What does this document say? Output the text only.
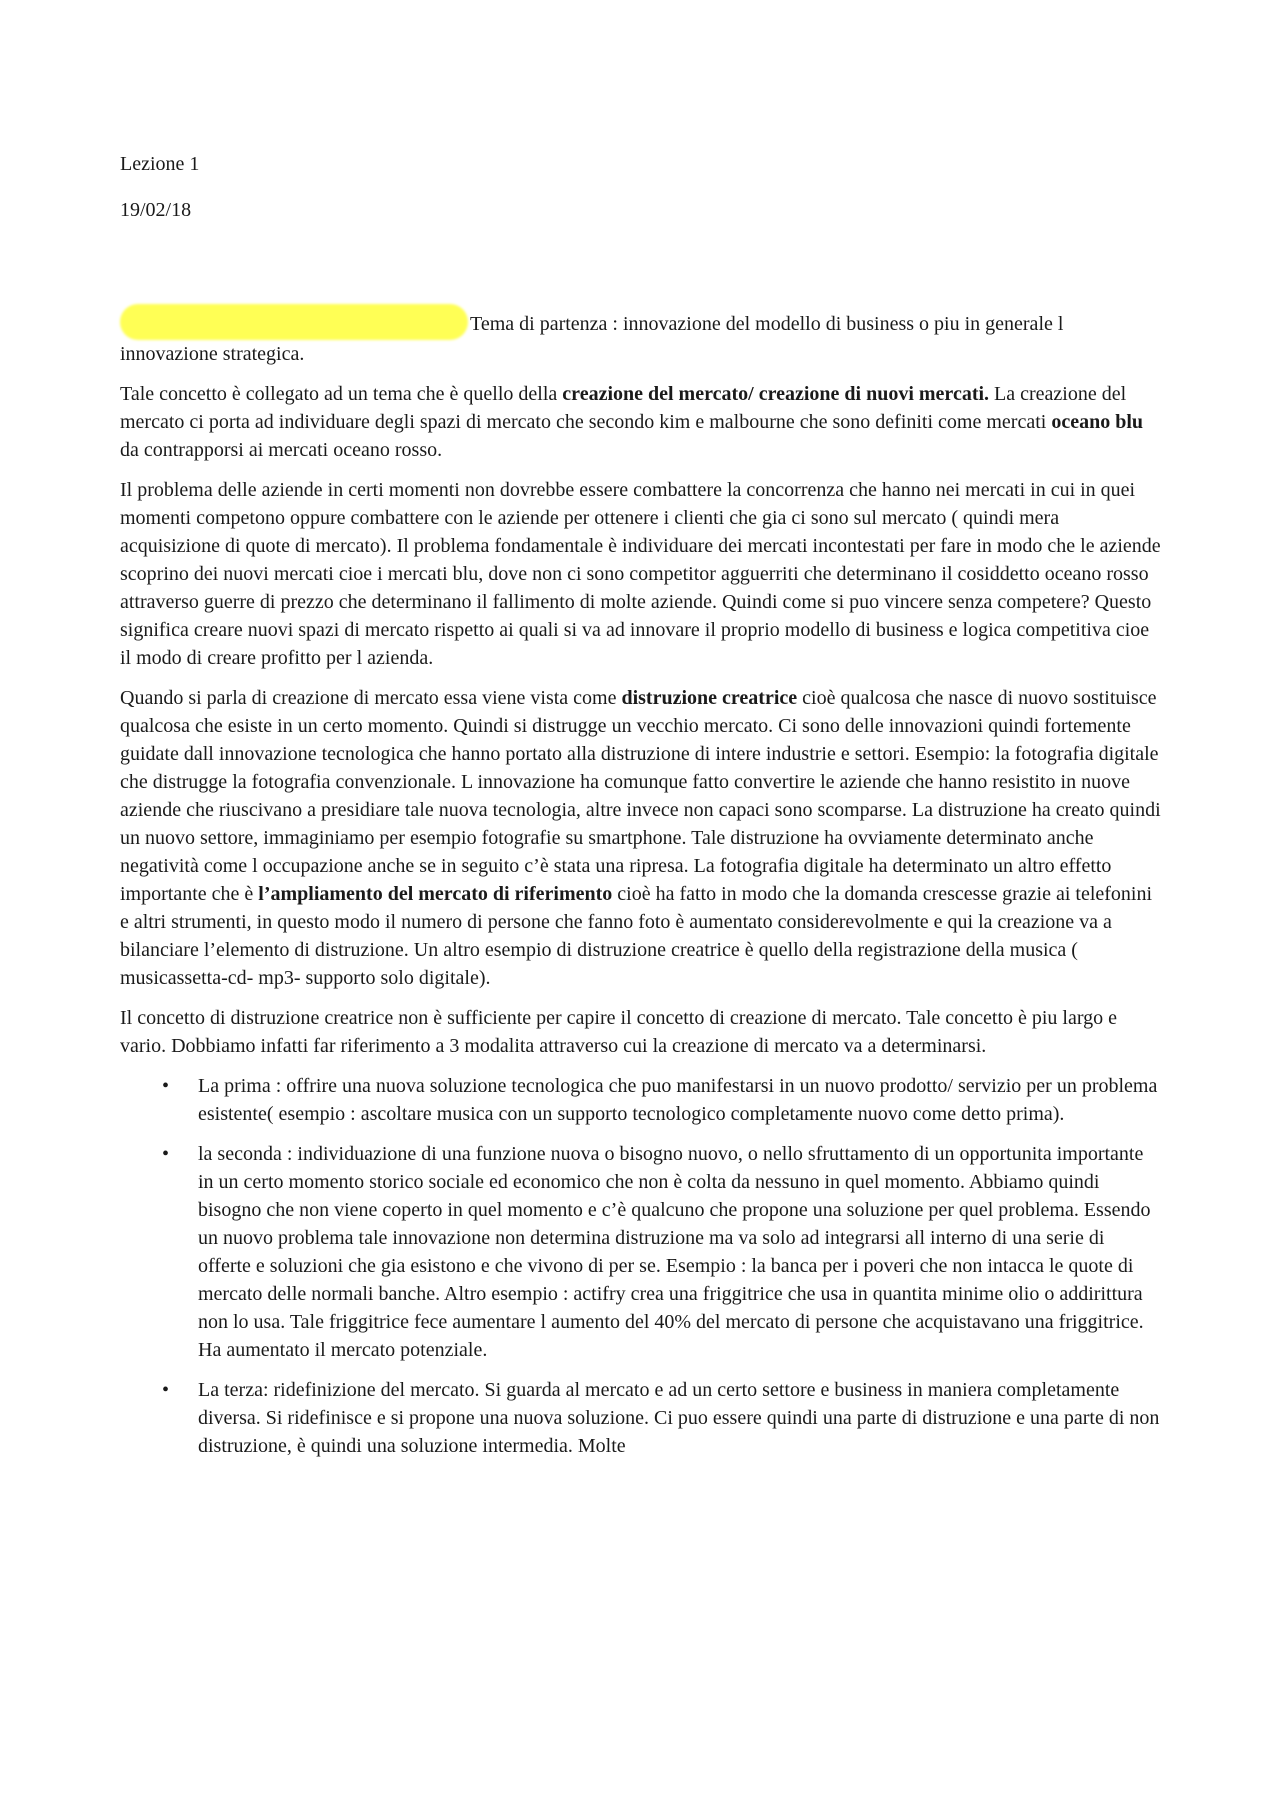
Lezione 1
19/02/18

Tema di partenza : innovazione del modello di business o piu in generale l innovazione strategica.

Tale concetto è collegato ad un tema che è quello della creazione del mercato/ creazione di nuovi mercati. La creazione del mercato ci porta ad individuare degli spazi di mercato che secondo kim e malbourne che sono definiti come mercati oceano blu da contrapporsi ai mercati oceano rosso.

Il problema delle aziende in certi momenti non dovrebbe essere combattere la concorrenza che hanno nei mercati in cui in quei momenti competono oppure combattere con le aziende per ottenere i clienti che gia ci sono sul mercato ( quindi mera acquisizione di quote di mercato). Il problema fondamentale è individuare dei mercati incontestati per fare in modo che le aziende scoprino dei nuovi mercati cioe i mercati blu, dove non ci sono competitor agguerriti che determinano il cosiddetto oceano rosso attraverso guerre di prezzo che determinano il fallimento di molte aziende. Quindi come si puo vincere senza competere? Questo significa creare nuovi spazi di mercato rispetto ai quali si va ad innovare il proprio modello di business e logica competitiva cioe il modo di creare profitto per l azienda.

Quando si parla di creazione di mercato essa viene vista come distruzione creatrice cioè qualcosa che nasce di nuovo sostituisce qualcosa che esiste in un certo momento. Quindi si distrugge un vecchio mercato. Ci sono delle innovazioni quindi fortemente guidate dall innovazione tecnologica che hanno portato alla distruzione di intere industrie e settori. Esempio: la fotografia digitale che distrugge la fotografia convenzionale. L innovazione ha comunque fatto convertire le aziende che hanno resistito in nuove aziende che riuscivano a presidiare tale nuova tecnologia, altre invece non capaci sono scomparse. La distruzione ha creato quindi un nuovo settore, immaginiamo per esempio fotografie su smartphone. Tale distruzione ha ovviamente determinato anche negatività come l occupazione anche se in seguito c’è stata una ripresa. La fotografia digitale ha determinato un altro effetto importante che è l’ampliamento del mercato di riferimento cioè ha fatto in modo che la domanda crescesse grazie ai telefonini e altri strumenti, in questo modo il numero di persone che fanno foto è aumentato considerevolmente e qui la creazione va a bilanciare l’elemento di distruzione. Un altro esempio di distruzione creatrice è quello della registrazione della musica ( musicassetta-cd- mp3- supporto solo digitale).

Il concetto di distruzione creatrice non è sufficiente per capire il concetto di creazione di mercato. Tale concetto è piu largo e vario. Dobbiamo infatti far riferimento a 3 modalita attraverso cui la creazione di mercato va a determinarsi.

• La prima : offrire una nuova soluzione tecnologica che puo manifestarsi in un nuovo prodotto/ servizio per un problema esistente( esempio : ascoltare musica con un supporto tecnologico completamente nuovo come detto prima).
• la seconda : individuazione di una funzione nuova o bisogno nuovo, o nello sfruttamento di un opportunita importante in un certo momento storico sociale ed economico che non è colta da nessuno in quel momento. Abbiamo quindi bisogno che non viene coperto in quel momento e c’è qualcuno che propone una soluzione per quel problema. Essendo un nuovo problema tale innovazione non determina distruzione ma va solo ad integrarsi all interno di una serie di offerte e soluzioni che gia esistono e che vivono di per se. Esempio : la banca per i poveri che non intacca le quote di mercato delle normali banche. Altro esempio : actifry crea una friggitrice che usa in quantita minime olio o addirittura non lo usa. Tale friggitrice fece aumentare l aumento del 40% del mercato di persone che acquistavano una friggitrice. Ha aumentato il mercato potenziale.
• La terza: ridefinizione del mercato. Si guarda al mercato e ad un certo settore e business in maniera completamente diversa. Si ridefinisce e si propone una nuova soluzione. Ci puo essere quindi una parte di distruzione e una parte di non distruzione, è quindi una soluzione intermedia. Molte
